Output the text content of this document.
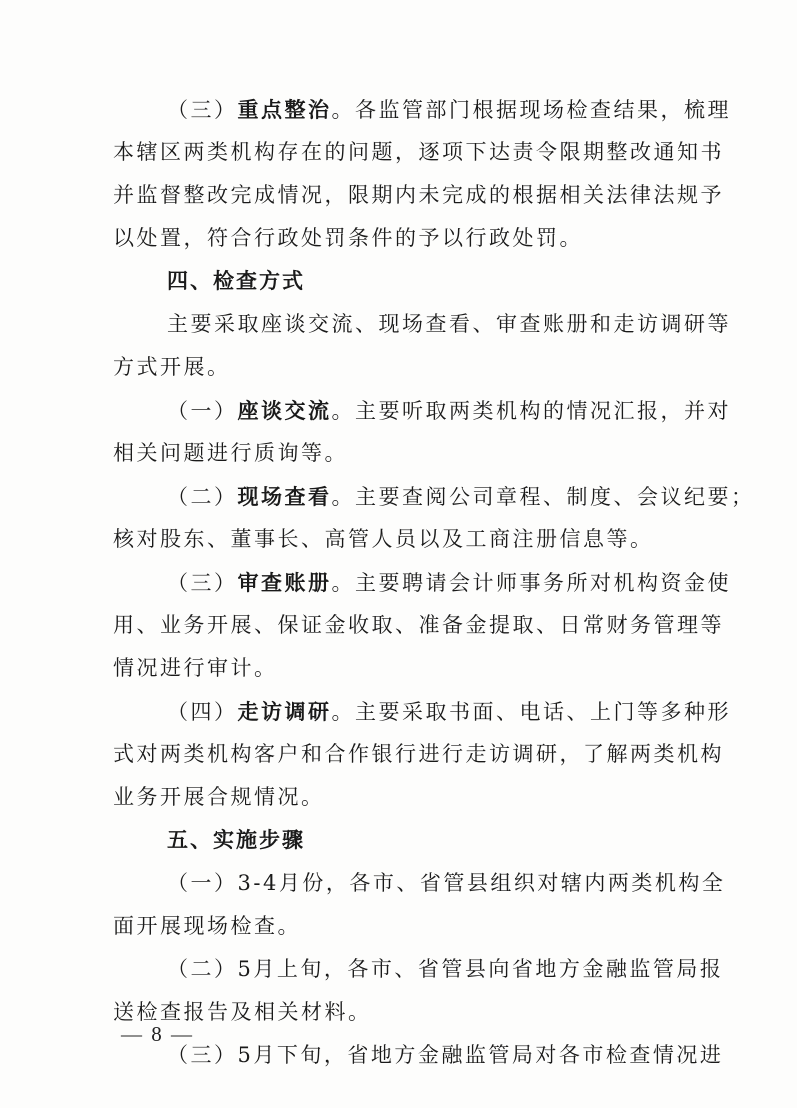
（三）重点整治。各监管部门根据现场检查结果，梳理
本辖区两类机构存在的问题，逐项下达责令限期整改通知书
并监督整改完成情况，限期内未完成的根据相关法律法规予
以处置，符合行政处罚条件的予以行政处罚。
四、检查方式
主要采取座谈交流、现场查看、审查账册和走访调研等
方式开展。
（一）座谈交流。主要听取两类机构的情况汇报，并对
相关问题进行质询等。
（二）现场查看。主要查阅公司章程、制度、会议纪要；
核对股东、董事长、高管人员以及工商注册信息等。
（三）审查账册。主要聘请会计师事务所对机构资金使
用、业务开展、保证金收取、准备金提取、日常财务管理等
情况进行审计。
（四）走访调研。主要采取书面、电话、上门等多种形
式对两类机构客户和合作银行进行走访调研，了解两类机构
业务开展合规情况。
五、实施步骤
（一）3-4月份，各市、省管县组织对辖内两类机构全
面开展现场检查。
（二）5月上旬，各市、省管县向省地方金融监管局报
送检查报告及相关材料。
（三）5月下旬，省地方金融监管局对各市检查情况进
— 8 —
